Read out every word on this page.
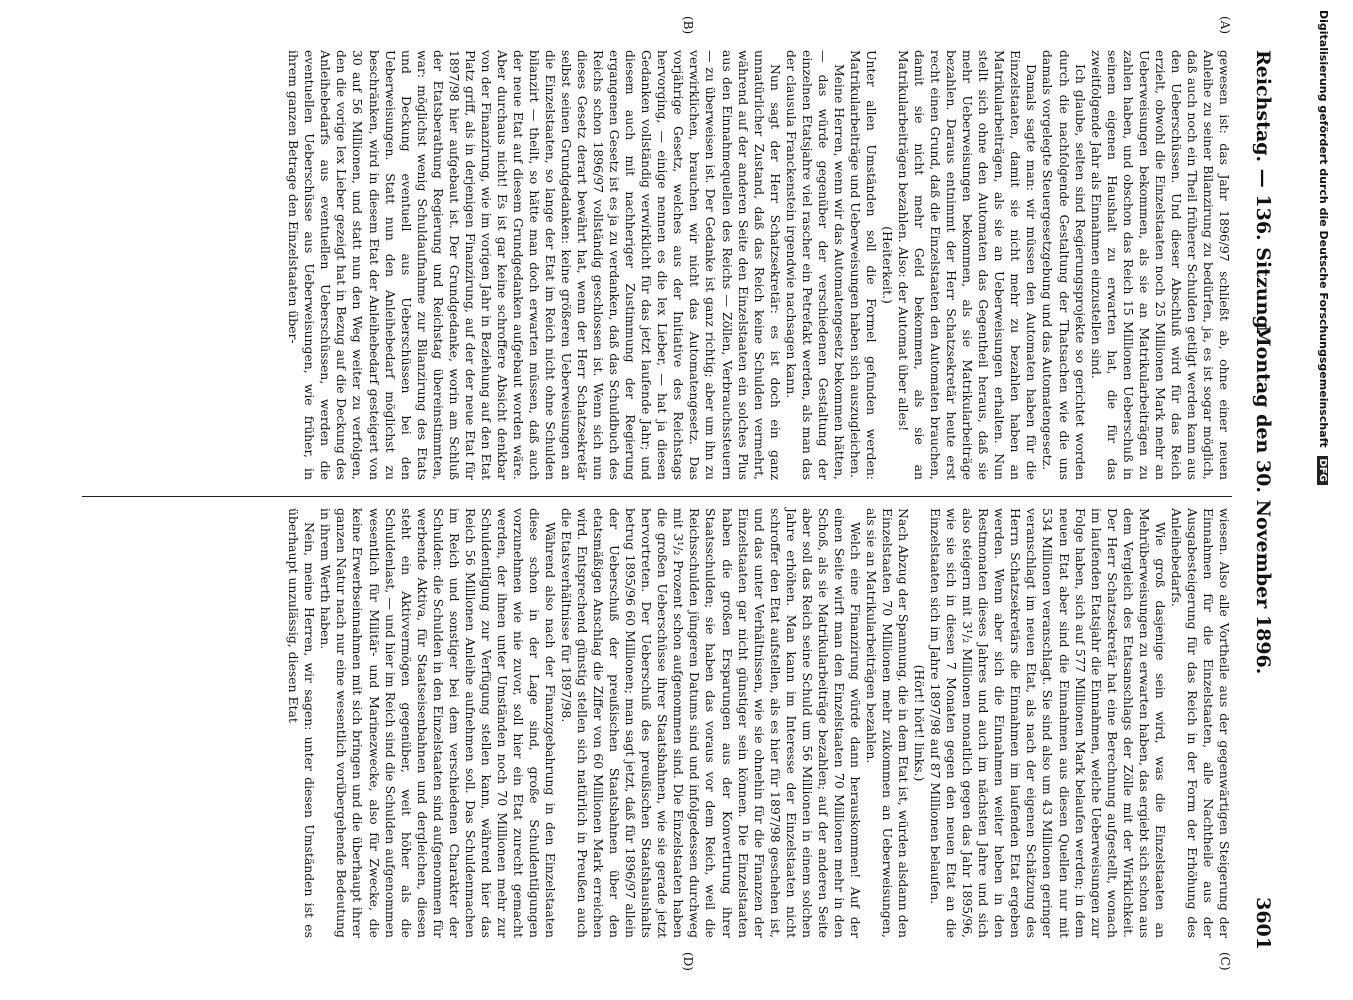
Reichstag. — 136. Sitzung.
Montag den 30. November 1896.
3601
(A)
(B)
(C)
(D)

gewesen ist: das Jahr 1896/97 schließt ab, ohne einer neuen Anleihe zu seiner Bilanzirung zu bedürfen, ja, es ist sogar möglich, daß auch noch ein Theil früherer Schulden getilgt werden kann aus den Ueberschüssen. Und dieser Abschluß wird für das Reich erzielt, obwohl die Einzelstaaten noch 25 Millionen Mark mehr an Ueberweisungen bekommen, als sie an Matrikularbeiträgen zu zahlen haben, und obschon das Reich 15 Millionen Ueberschuß in seinem eigenen Haushalt zu erwarten hat, die für das zweitfolgende Jahr als Einnahmen einzustellen sind.

Ich glaube, selten sind Regierungsprojekte so gerichtet worden durch die nachfolgende Gestaltung der Thatsachen wie die uns damals vorgelegte Steuergesetzgebung und das Automatengesetz.

Damals sagte man: wir müssen den Automaten haben für die Einzelstaaten, damit sie nicht mehr zu bezahlen haben an Matrikularbeiträgen, als sie an Ueberweisungen erhalten. Nun stellt sich ohne den Automaten das Gegentheil heraus, daß sie mehr Ueberweisungen bekommen, als sie Matrikularbeiträge bezahlen. Daraus entnimmt der Herr Schatzsekretär heute erst recht einen Grund, daß die Einzelstaaten den Automaten brauchen, damit sie nicht mehr Geld bekommen, als sie an Matrikularbeiträgen bezahlen. Also: der Automat über alles!

(Heiterkeit.)

Unter allen Umständen soll die Formel gefunden werden: Matrikularbeiträge und Ueberweisungen haben sich auszugleichen.

Meine Herren, wenn wir das Automatengesetz bekommen hätten, — das würde gegenüber der verschiedenen Gestaltung der einzelnen Etatsjahre viel rascher ein Petrefakt werden, als man das der clausula Franckenstein irgendwie nachsagen kann.

Nun sagt der Herr Schatzsekretär: es ist doch ein ganz unnatürlicher Zustand, daß das Reich keine Schulden vermehrt, während auf der anderen Seite den Einzelstaaten ein solches Plus aus den Einnahmequellen des Reichs — Zöllen, Verbrauchssteuern — zu überweisen ist. Der Gedanke ist ganz richtig; aber um ihn zu verwirklichen, brauchen wir nicht das Automatengesetz. Das vorjährige Gesetz, welches aus der Initiative des Reichstags hervorging, — einige nennen es die lex Lieber, — hat ja diesen Gedanken vollständig verwirklicht für das jetzt laufende Jahr; und diesem auch mit nachheriger Zustimmung der Regierung ergangenen Gesetz ist es ja zu verdanken, daß das Schuldbuch des Reichs schon 1896/97 vollständig geschlossen ist. Wenn sich nun dieses Gesetz derart bewährt hat, wenn der Herr Schatzsekretär selbst seinen Grundgedanken: keine größeren Ueberweisungen an die Einzelstaaten, so lange der Etat im Reich nicht ohne Schulden bilanzirt — theilt, so hätte man doch erwarten müssen, daß auch der neue Etat auf diesem Grundgedanken aufgebaut worden wäre. Aber durchaus nicht! Es ist gar keine schroffere Absicht denkbar von der Finanzirung, wie im vorigen Jahr in Beziehung auf den Etat Platz griff, als in derjenigen Finanzirung, auf der der neue Etat für 1897/98 hier aufgebaut ist. Der Grundgedanke, worin am Schluß der Etatsberathung Regierung und Reichstag übereinstimmten, war: möglichst wenig Schuldaufnahme zur Bilanzirung des Etats und Deckung eventuell aus Ueberschüssen bei den Ueberweisungen. Statt nun den Anleihebedarf möglichst zu beschränken, wird in diesem Etat der Anleihebedarf gesteigert von 30 auf 56 Millionen, und statt nun den Weg weiter zu verfolgen, den die vorige lex Lieber gezeigt hat in Bezug auf die Deckung des Anleihebedarfs aus eventuellen Ueberschüssen, werden die eventuellen Ueberschüsse aus Ueberweisungen, wie früher, in ihrem ganzen Betrage den Einzelstaaten über-

wiesen. Also alle Vortheile aus der gegenwärtigen Steigerung der Einnahmen für die Einzelstaaten, alle Nachtheile aus der Ausgabesteigerung für das Reich in der Form der Erhöhung des Anleihebedarfs.

Wie groß dasjenige sein wird, was die Einzelstaaten an Mehrüberweisungen zu erwarten haben, das ergiebt sich schon aus dem Vergleich des Etatsanschlags der Zölle mit der Wirklichkeit. Der Herr Schatzsekretär hat eine Berechnung aufgestellt, wonach im laufenden Etatsjahr die Einnahmen, welche Ueberweisungen zur Folge haben, sich auf 577 Millionen Mark belaufen werden; in dem neuen Etat aber sind die Einnahmen aus diesen Quellen nur mit 534 Millionen veranschlagt. Sie sind also um 43 Millionen geringer veranschlagt im neuen Etat, als nach der eigenen Schätzung des Herrn Schatzsekretärs die Einnahmen im laufenden Etat ergeben werden. Wenn aber sich die Einnahmen weiter heben in den Restmonaten dieses Jahres und auch im nächsten Jahre und sich also steigern mit 3¹/₂ Millionen monatlich gegen das Jahr 1895/96, wie sie sich in diesen 7 Monaten gegen den neuen Etat an die Einzelstaaten sich im Jahre 1897/98 auf 87 Millionen belaufen.

(Hört! hört! links.)

Nach Abzug der Spannung, die in dem Etat ist, würden alsdann den Einzelstaaten 70 Millionen mehr zukommen an Ueberweisungen, als sie an Matrikularbeiträgen bezahlen.

Welch eine Finanzirung würde dann herauskommen! Auf der einen Seite wirft man den Einzelstaaten 70 Millionen mehr in den Schoß, als sie Matrikularbeiträge bezahlen; auf der anderen Seite aber soll das Reich seine Schuld um 56 Millionen in einem solchen Jahre erhöhen. Man kann im Interesse der Einzelstaaten nicht schroffer den Etat aufstellen, als es hier für 1897/98 geschehen ist, und das unter Verhältnissen, wie sie ohnehin für die Finanzen der Einzelstaaten gar nicht günstiger sein können. Die Einzelstaaten haben die großen Ersparungen aus der Konvertirung ihrer Staatsschulden; sie haben das voraus vor dem Reich, weil die Reichsschulden jüngeren Datums sind und infolgedessen durchweg mit 3¹/₂ Prozent schon aufgenommen sind. Die Einzelstaaten haben die großen Ueberschüsse ihrer Staatsbahnen, wie sie gerade jetzt hervortreten. Der Ueberschuß des preußischen Staatshaushalts betrug 1895/96 60 Millionen; man sagt jetzt, daß für 1896/97 allein der Ueberschuß der preußischen Staatsbahnen über den etatsmäßigen Anschlag die Ziffer von 60 Millionen Mark erreichen wird. Entsprechend günstig stellen sich natürlich in Preußen auch die Etatsverhältnisse für 1897/98.

Während also nach der Finanzgebahrung in den Einzelstaaten diese schon in der Lage sind, große Schuldentilgungen vorzunehmen wie nie zuvor, soll hier ein Etat zurecht gemacht werden, der ihnen unter Umständen noch 70 Millionen mehr zur Schuldentilgung zur Verfügung stellen kann, während hier das Reich 56 Millionen Anleihe aufnehmen soll. Das Schuldenmachen im Reich und sonstiger bei dem verschiedenen Charakter der Schulden: die Schulden in den Einzelstaaten sind aufgenommen für werbende Aktiva, für Staatseisenbahnen und dergleichen, diesen steht ein Aktivvermögen gegenüber, weit höher als die Schuldenlast, — und hier im Reich sind die Schulden aufgenommen wesentlich für Militär- und Marinezwecke, also für Zwecke, die keine Erwerbseinnahmen mit sich bringen und die überhaupt ihrer ganzen Natur nach nur eine wesentlich vorübergehende Bedeutung in ihrem Werth haben.

Nein, meine Herren, wir sagen: unter diesen Umständen ist es überhaupt unzulässig, diesen Etat

Digitalisierung gefördert durch die Deutsche Forschungsgemeinschaft DFG
